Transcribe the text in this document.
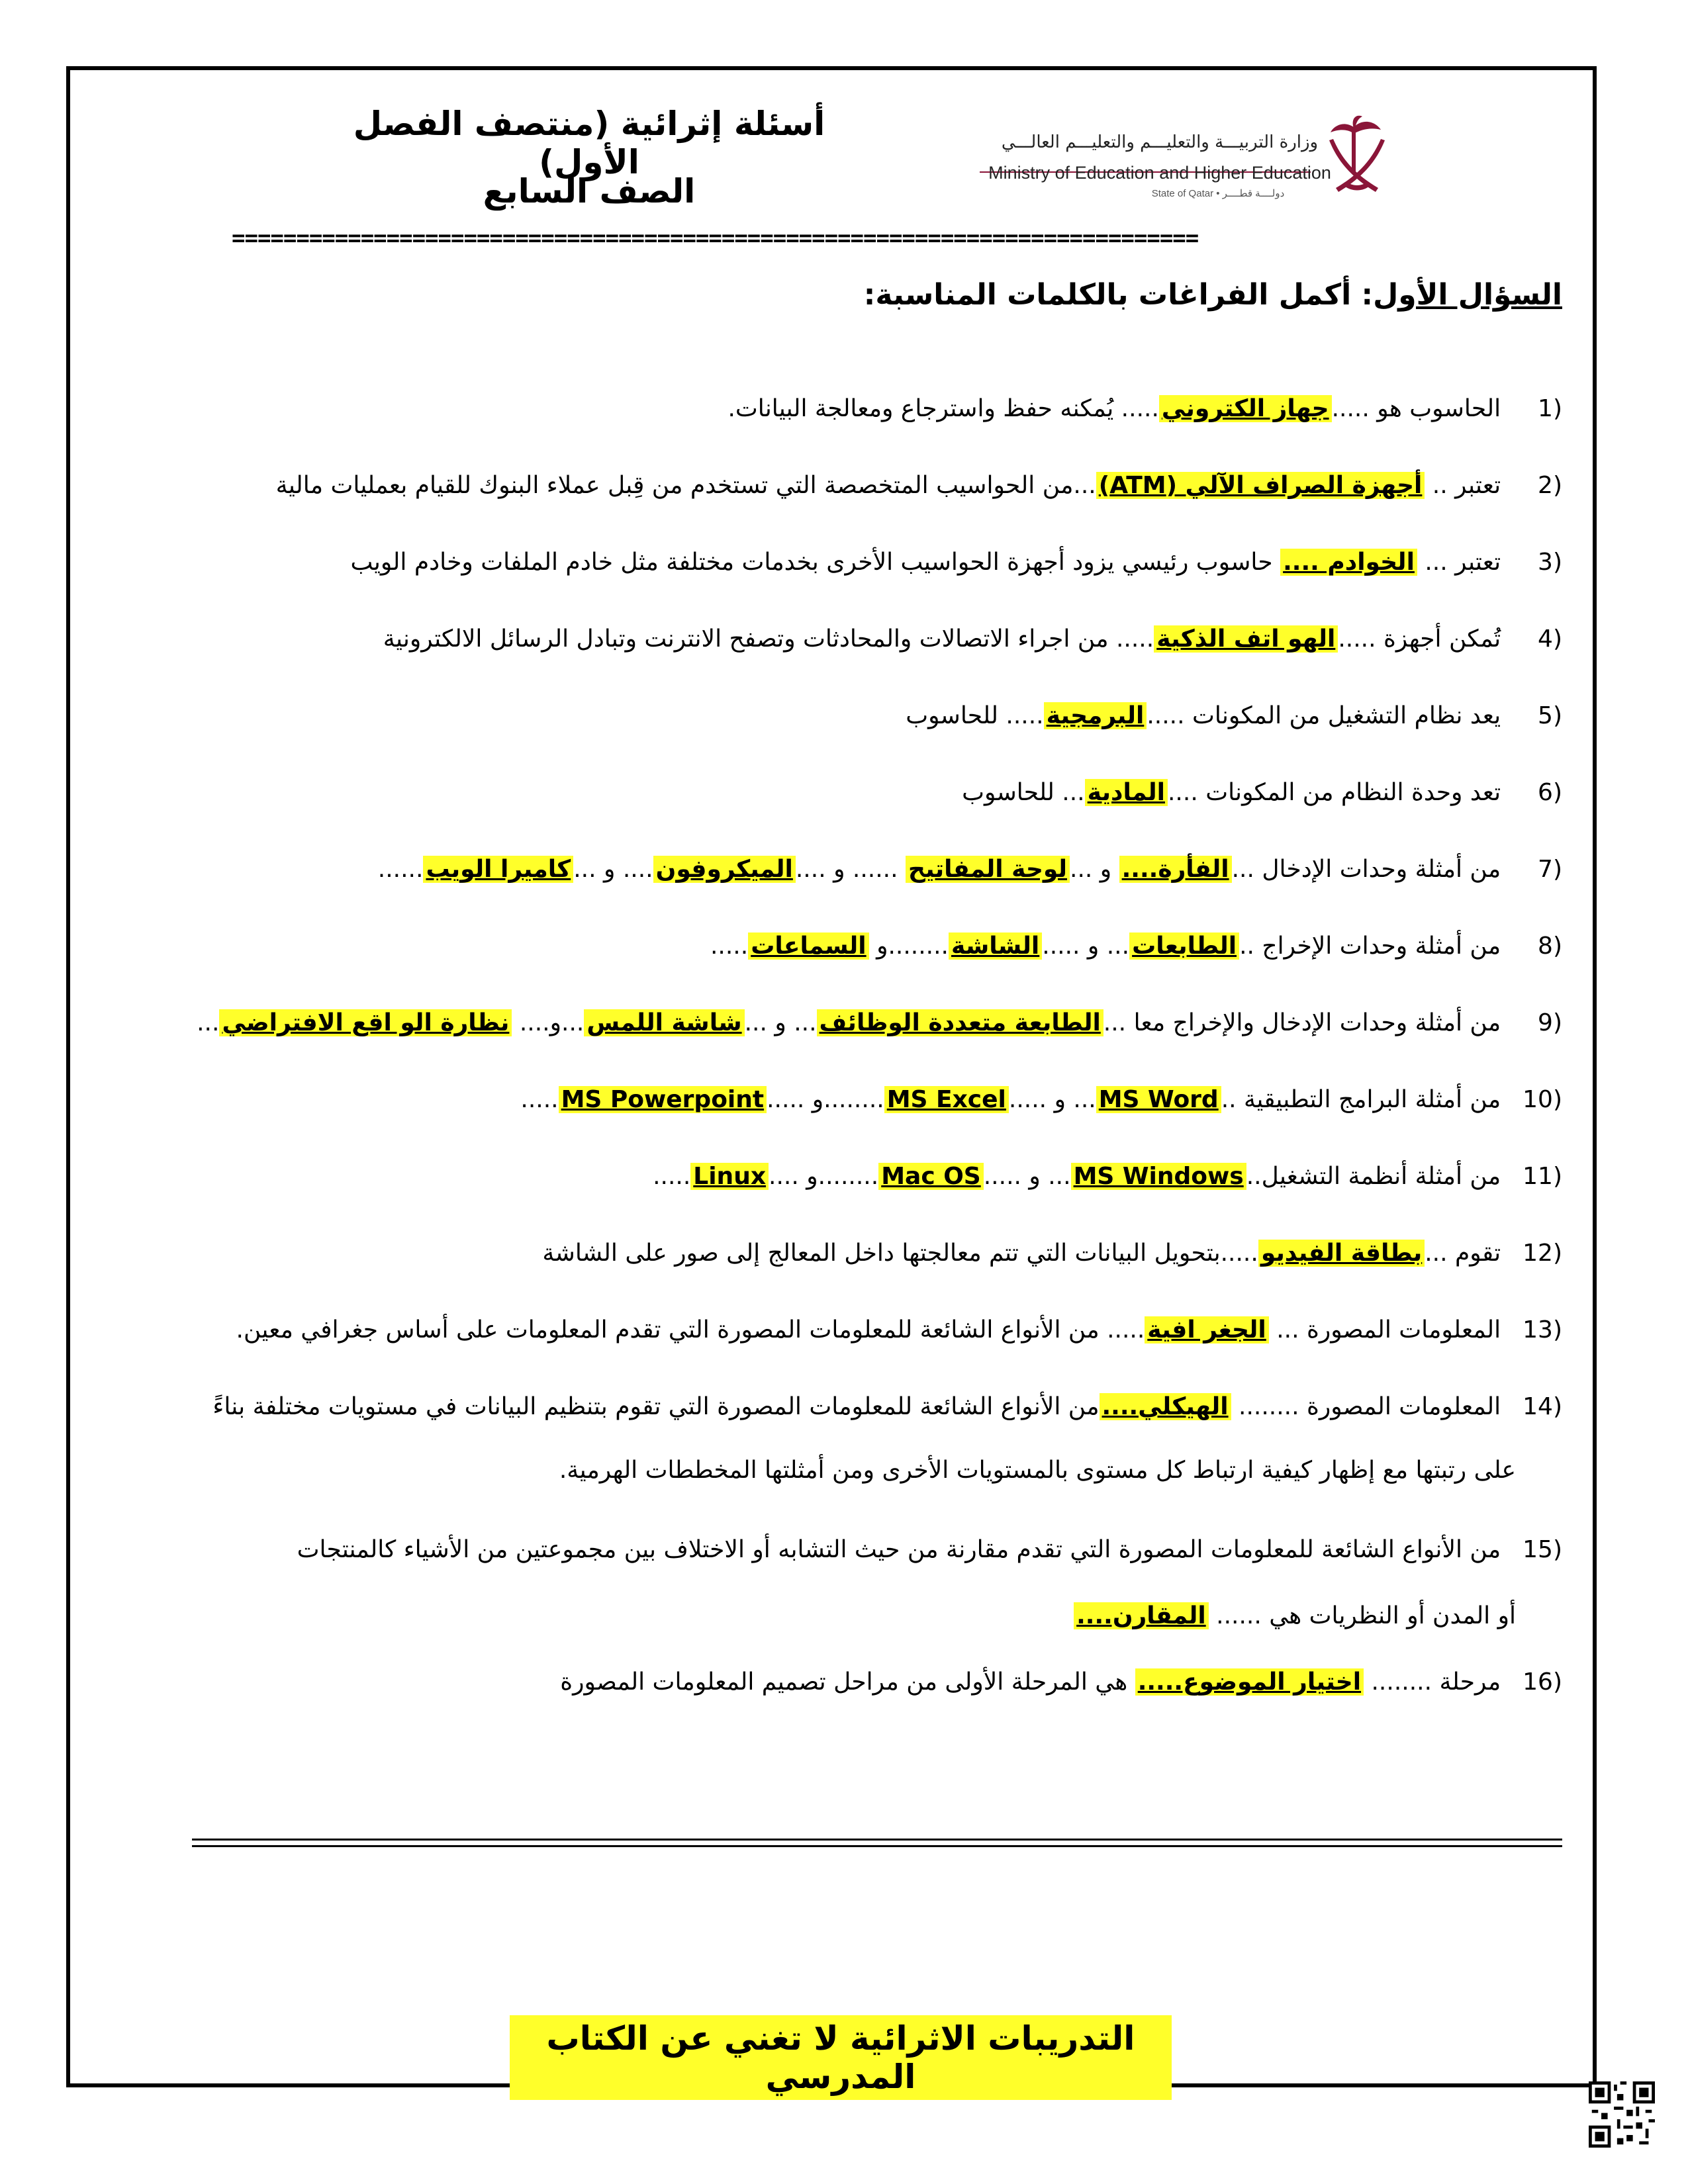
أسئلة إثرائية (منتصف الفصل الأول)
الصف السابع
وزارة التربيـــة والتعليـــم والتعليـــم العالـــي
Ministry of Education and Higher Education
State of Qatar • دولــــة قطــــر
===========================================================================
السؤال الأول: أكمل الفراغات بالكلمات المناسبة:
1)  الحاسوب هو .....جهاز الكتروني..... يُمكنه حفظ واسترجاع ومعالجة البيانات.
2)  تعتبر .. أجهزة الصراف الآلي (ATM)...من الحواسيب المتخصصة التي تستخدم من قِبل عملاء البنوك للقيام بعمليات مالية
3)  تعتبر ... الخوادم .... حاسوب رئيسي يزود أجهزة الحواسيب الأخرى بخدمات مختلفة مثل خادم الملفات وخادم الويب
4)  تُمكن أجهزة .....الهو اتف الذكية..... من اجراء الاتصالات والمحادثات وتصفح الانترنت وتبادل الرسائل الالكترونية
5)  يعد نظام التشغيل من المكونات .....البرمجية..... للحاسوب
6)  تعد وحدة النظام من المكونات ....المادية... للحاسوب
7)  من أمثلة وحدات الإدخال ...الفأرة.... و ...لوحة المفاتيح ...... و ....الميكروفون.... و ...كاميرا الويب......
8)  من أمثلة وحدات الإخراج ..الطابعات... و .....الشاشة........و السماعات.....
9)  من أمثلة وحدات الإدخال والإخراج معا ...الطابعة متعددة الوظائف... و ...شاشة اللمس...و.... نظارة الو اقع الافتراضي...
10)  من أمثلة البرامج التطبيقية ..MS Word... و .....MS Excel........و .....MS Powerpoint.....
11)  من أمثلة أنظمة التشغيل..MS Windows... و .....Mac OS........و ....Linux.....
12)  تقوم ...بطاقة الفيديو.....بتحويل البيانات التي تتم معالجتها داخل المعالج إلى صور على الشاشة
13)  المعلومات المصورة ... الجغر افية..... من الأنواع الشائعة للمعلومات المصورة التي تقدم المعلومات على أساس جغرافي معين.
14)  المعلومات المصورة ........ الهيكلي....من الأنواع الشائعة للمعلومات المصورة التي تقوم بتنظيم البيانات في مستويات مختلفة بناءً
على رتبتها مع إظهار كيفية ارتباط كل مستوى بالمستويات الأخرى ومن أمثلتها المخططات الهرمية.
15)  من الأنواع الشائعة للمعلومات المصورة التي تقدم مقارنة من حيث التشابه أو الاختلاف بين مجموعتين من الأشياء كالمنتجات
أو المدن أو النظريات هي ...... المقارن....
16)  مرحلة ........ اختيار الموضوع..... هي المرحلة الأولى من مراحل تصميم المعلومات المصورة
التدريبات الاثرائية لا تغني عن الكتاب المدرسي
